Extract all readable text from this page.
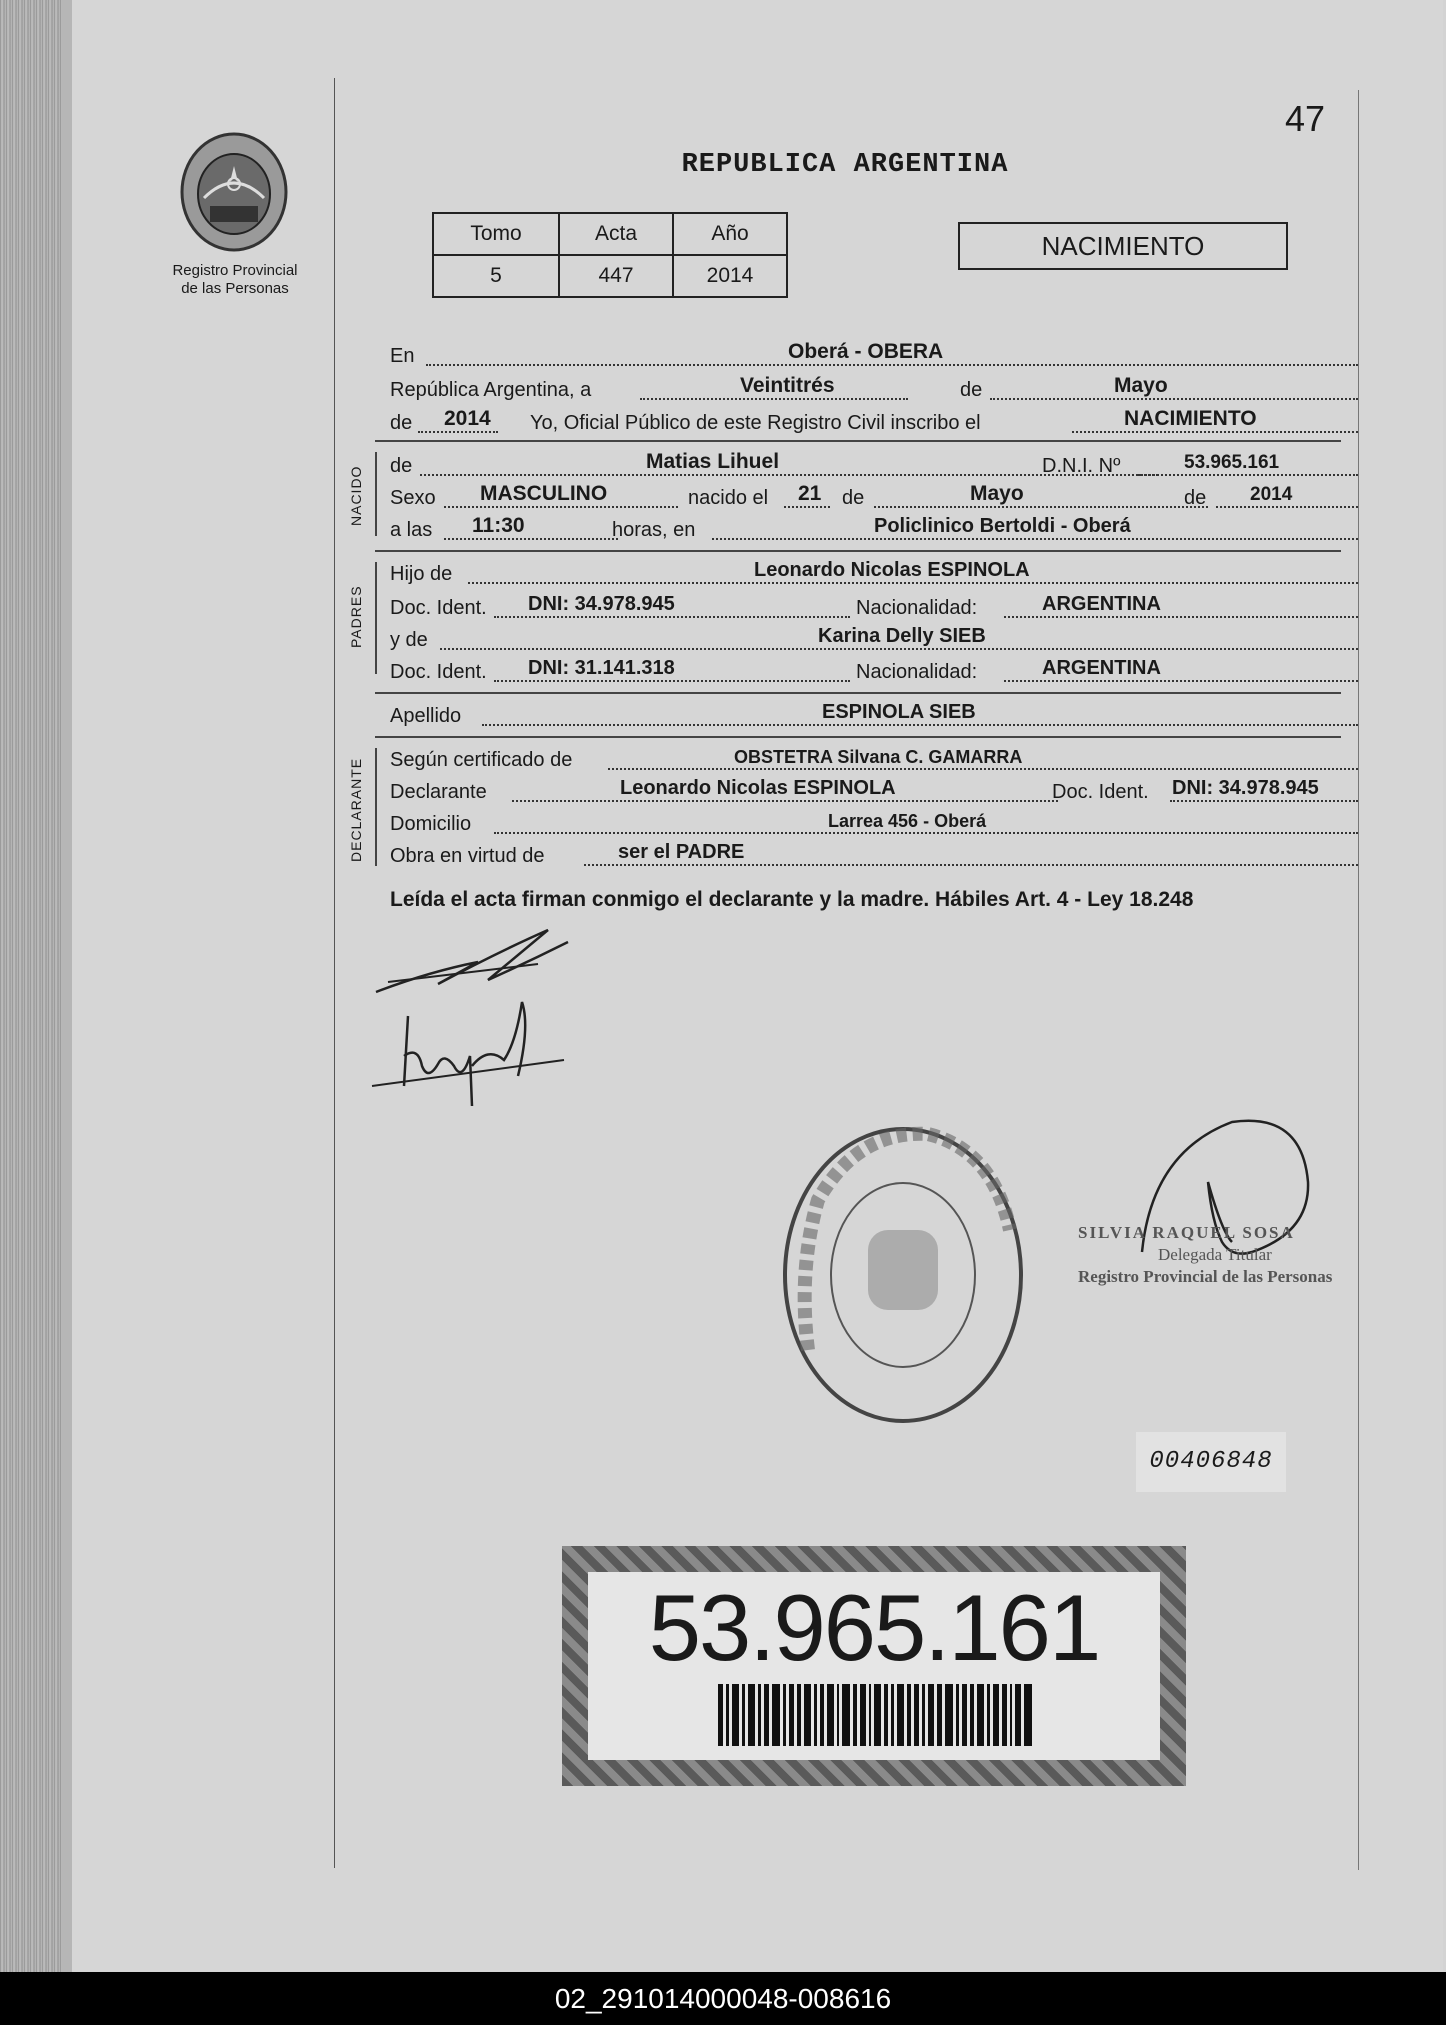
47
Registro Provincial
de las Personas
REPUBLICA ARGENTINA
Tomo	Acta	Año
5	447	2014
NACIMIENTO
En	Oberá - OBERA
República Argentina, a	Veintitrés	de	Mayo
de 2014 Yo, Oficial Público de este Registro Civil inscribo el	NACIMIENTO
NACIDO de	Matias Lihuel	D.N.I. Nº	53.965.161
Sexo MASCULINO	nacido el 21 de	Mayo	de 2014
a las 11:30	horas, en	Policlinico Bertoldi - Oberá
PADRES
Hijo de	Leonardo Nicolas ESPINOLA
Doc. Ident. DNI: 34.978.945	Nacionalidad:	ARGENTINA
y de	Karina Delly SIEB
Doc. Ident. DNI: 31.141.318	Nacionalidad:	ARGENTINA
Apellido	ESPINOLA SIEB
DECLARANTE Según certificado de	OBSTETRA Silvana C. GAMARRA
Declarante	Leonardo Nicolas ESPINOLA	Doc. Ident. DNI: 34.978.945
Domicilio	Larrea 456 - Oberá
Obra en virtud de	ser el PADRE
Leída el acta firman conmigo el declarante y la madre. Hábiles Art. 4 - Ley 18.248
SILVIA RAQUEL SOSA
Delegada Titular
Registro Provincial de las Personas
00406848
53.965.161
02_291014000048-008616
